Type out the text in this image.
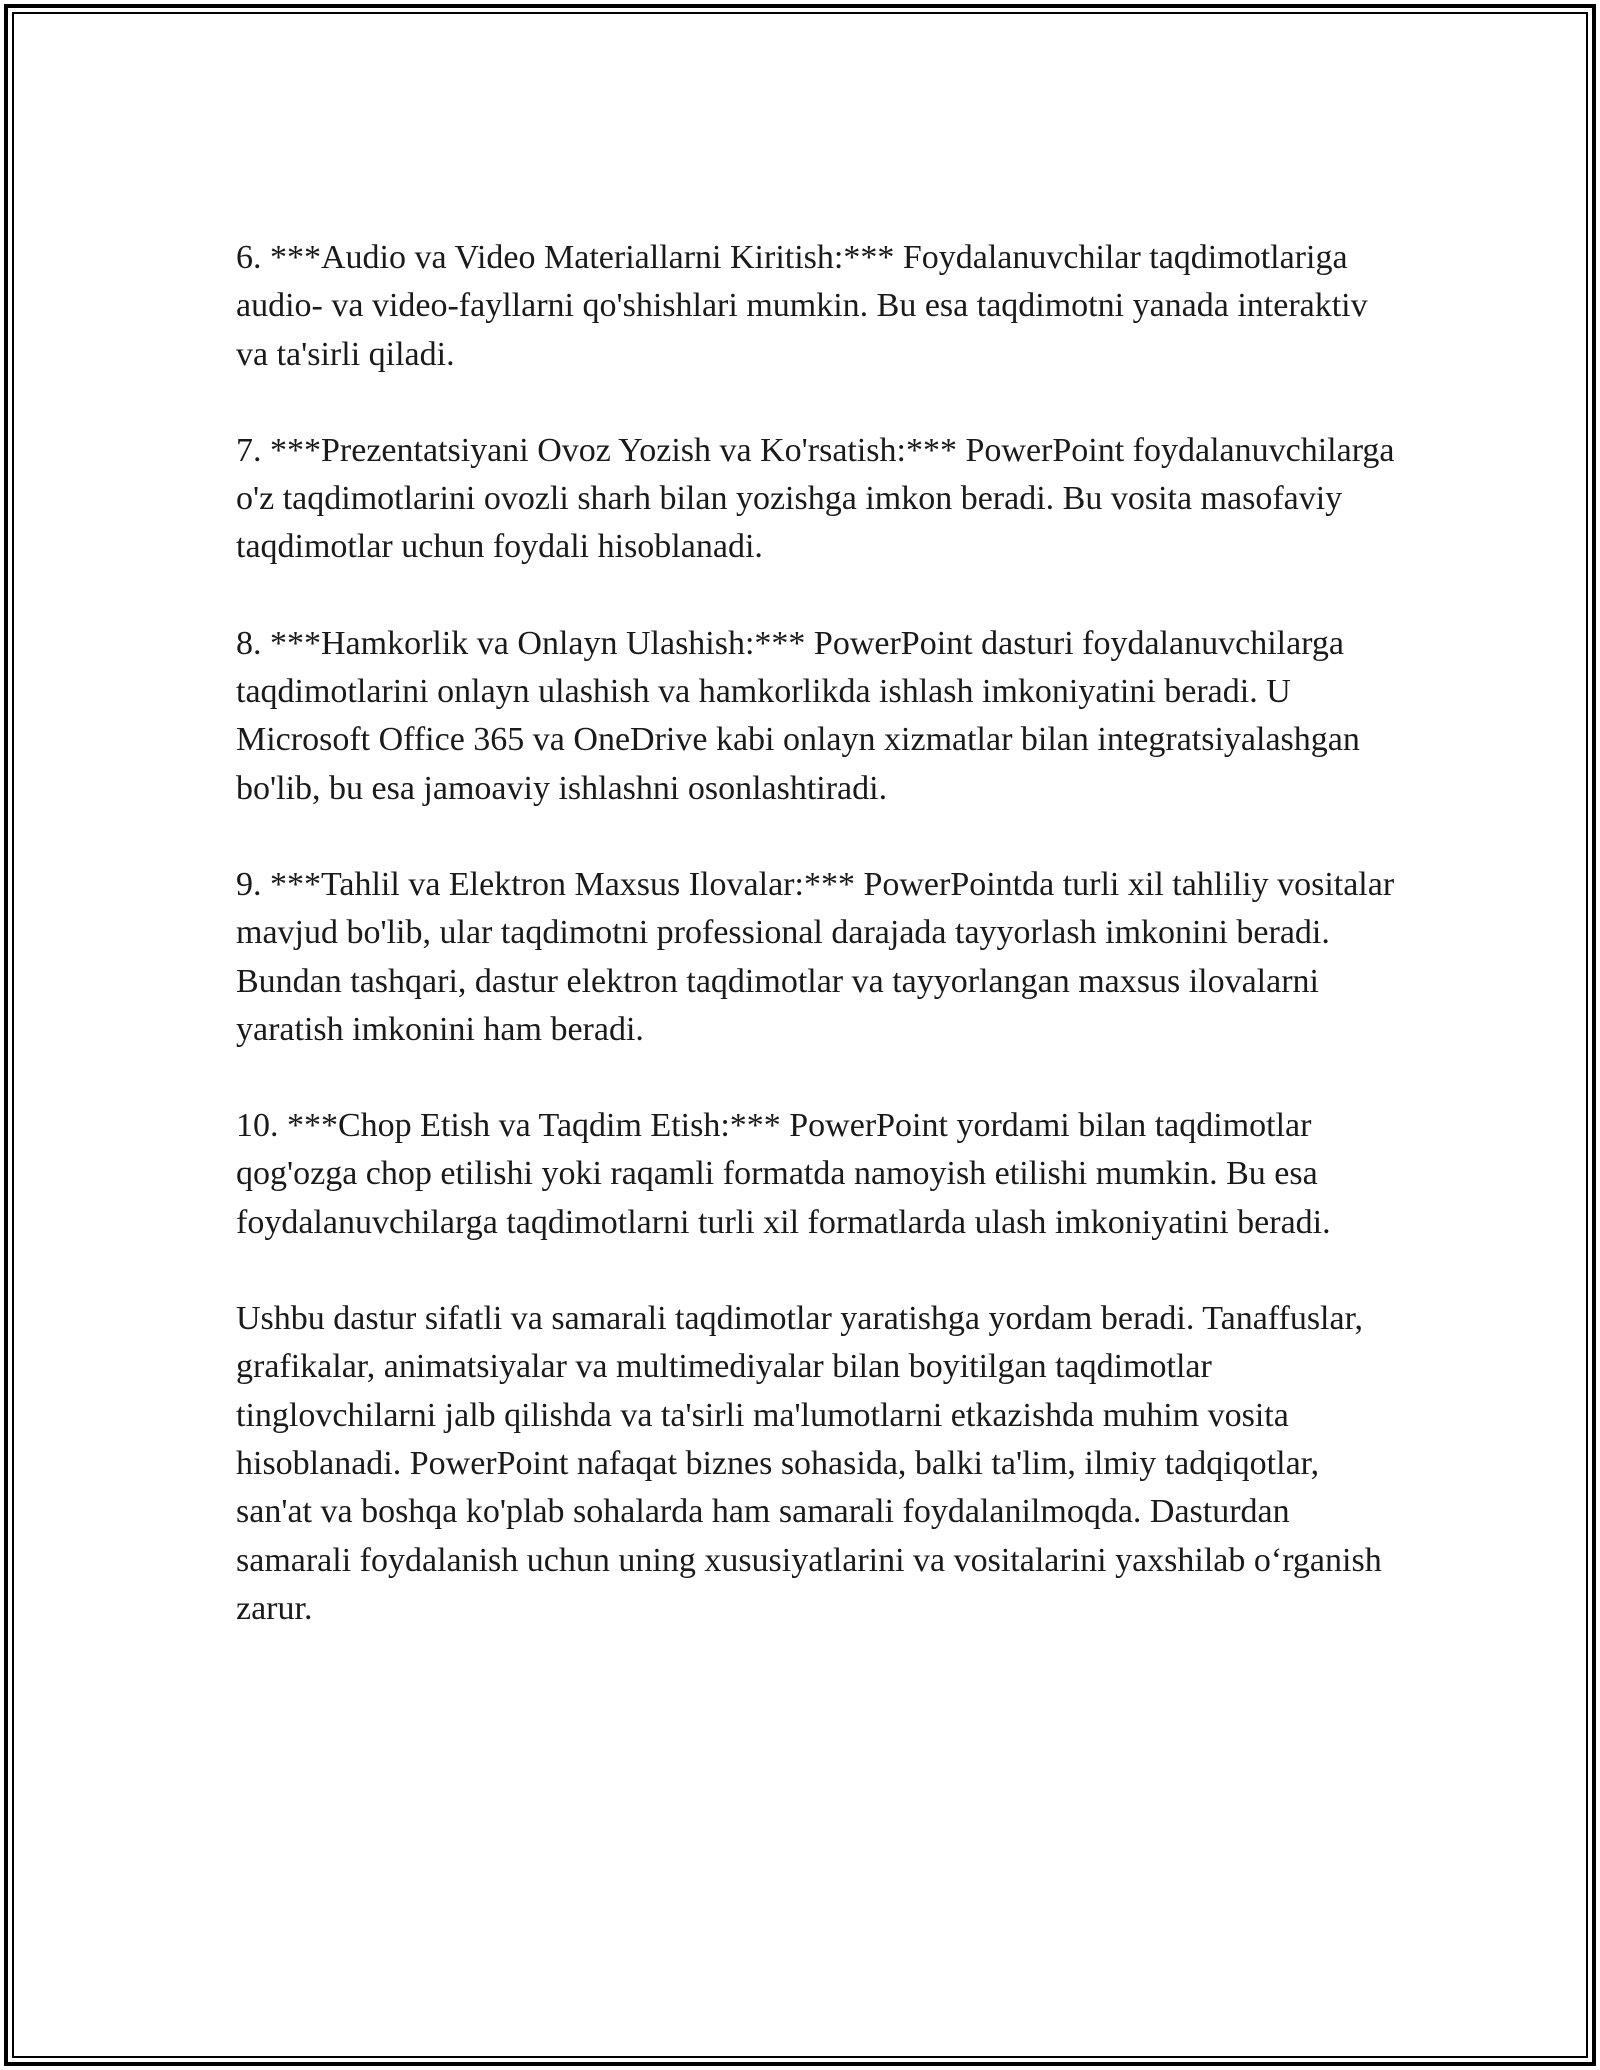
6. ***Audio va Video Materiallarni Kiritish:*** Foydalanuvchilar taqdimotlariga audio- va video-fayllarni qo'shishlari mumkin. Bu esa taqdimotni yanada interaktiv va ta'sirli qiladi.

7. ***Prezentatsiyani Ovoz Yozish va Ko'rsatish:*** PowerPoint foydalanuvchilarga o'z taqdimotlarini ovozli sharh bilan yozishga imkon beradi. Bu vosita masofaviy taqdimotlar uchun foydali hisoblanadi.

8. ***Hamkorlik va Onlayn Ulashish:*** PowerPoint dasturi foydalanuvchilarga taqdimotlarini onlayn ulashish va hamkorlikda ishlash imkoniyatini beradi. U Microsoft Office 365 va OneDrive kabi onlayn xizmatlar bilan integratsiyalashgan bo'lib, bu esa jamoaviy ishlashni osonlashtiradi.

9. ***Tahlil va Elektron Maxsus Ilovalar:*** PowerPointda turli xil tahliliy vositalar mavjud bo'lib, ular taqdimotni professional darajada tayyorlash imkonini beradi. Bundan tashqari, dastur elektron taqdimotlar va tayyorlangan maxsus ilovalarni yaratish imkonini ham beradi.

10. ***Chop Etish va Taqdim Etish:*** PowerPoint yordami bilan taqdimotlar qog'ozga chop etilishi yoki raqamli formatda namoyish etilishi mumkin. Bu esa foydalanuvchilarga taqdimotlarni turli xil formatlarda ulash imkoniyatini beradi.

Ushbu dastur sifatli va samarali taqdimotlar yaratishga yordam beradi. Tanaffuslar, grafikalar, animatsiyalar va multimediyalar bilan boyitilgan taqdimotlar tinglovchilarni jalb qilishda va ta'sirli ma'lumotlarni etkazishda muhim vosita hisoblanadi. PowerPoint nafaqat biznes sohasida, balki ta'lim, ilmiy tadqiqotlar, san'at va boshqa ko'plab sohalarda ham samarali foydalanilmoqda. Dasturdan samarali foydalanish uchun uning xususiyatlarini va vositalarini yaxshilab oʻrganish zarur.
